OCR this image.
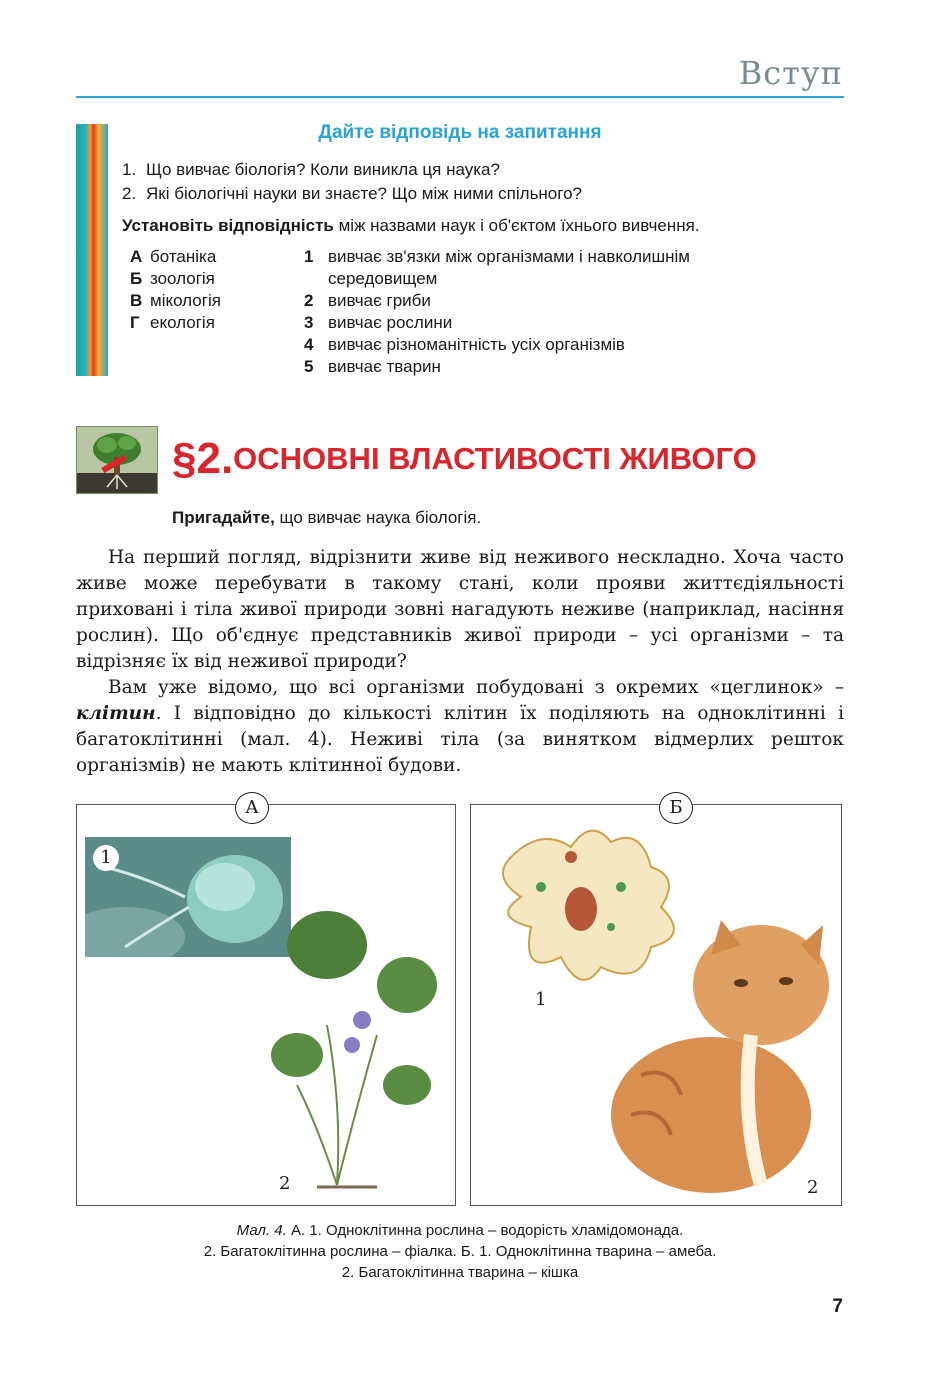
Вступ
Дайте відповідь на запитання
1. Що вивчає біологія? Коли виникла ця наука?
2. Які біологічні науки ви знаєте? Що між ними спільного?
Установіть відповідність між назвами наук і об'єктом їхнього вивчення.
А ботаніка
Б зоологія
В мікологія
Г екологія
1 вивчає зв'язки між організмами і навколишнім
середовищем
2 вивчає гриби
3 вивчає рослини
4 вивчає різноманітність усіх організмів
5 вивчає тварин
§2.ОСНОВНІ ВЛАСТИВОСТІ ЖИВОГО
Пригадайте, що вивчає наука біологія.

На перший погляд, відрізнити живе від неживого нескладно. Хоча часто живе може перебувати в такому стані, коли прояви життєдіяльності приховані і тіла живої природи зовні нагадують неживе (наприклад, насіння рослин). Що об'єднує представників живої природи – усі організми – та відрізняє їх від неживої природи?

Вам уже відомо, що всі організми побудовані з окремих «цеглинок» – клітин. І відповідно до кількості клітин їх поділяють на одноклітинні і багатоклітинні (мал. 4). Неживі тіла (за винятком відмерлих решток організмів) не мають клітинної будови.

1
2
А
1
2
Б
Мал. 4. А. 1. Одноклітинна рослина – водорість хламідомонада.
2. Багатоклітинна рослина – фіалка. Б. 1. Одноклітинна тварина – амеба.
2. Багатоклітинна тварина – кішка
7
